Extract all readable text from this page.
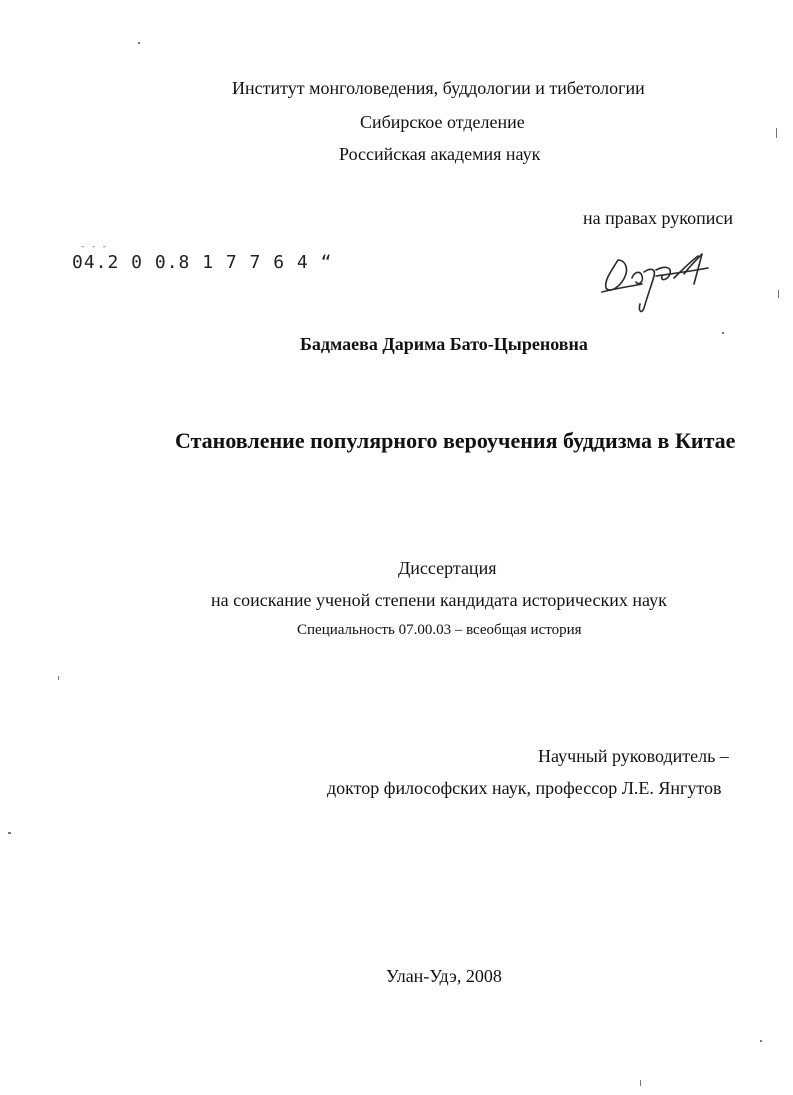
Институт монголоведения, буддологии и тибетологии

Сибирское отделение

Российская академия наук

на правах рукописи

- - -
04.2 0 0.8 1 7 7 6 4 “

Бадмаева Дарима Бато-Цыреновна

Становление популярного вероучения буддизма в Китае

Диссертация

на соискание ученой степени кандидата исторических наук

Специальность 07.00.03 – всеобщая история

Научный руководитель –

доктор философских наук, профессор Л.Е. Янгутов

Улан-Удэ, 2008
